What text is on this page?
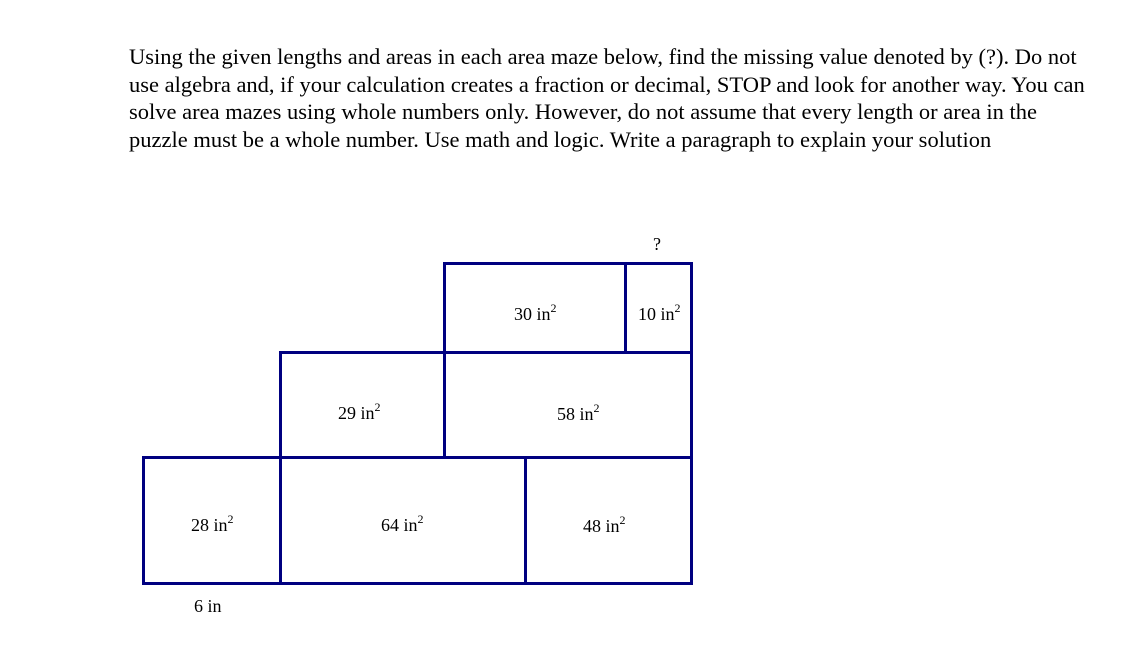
Using the given lengths and areas in each area maze below, find the missing value denoted by (?). Do not use algebra and, if your calculation creates a fraction or decimal, STOP and look for another way. You can solve area mazes using whole numbers only. However, do not assume that every length or area in the puzzle must be a whole number. Use math and logic. Write a paragraph to explain your solution

?
30 $in^2$	10 $in^2$
29 $in^2$	58 $in^2$
28 $in^2$	64 $in^2$	48 $in^2$
6 in
